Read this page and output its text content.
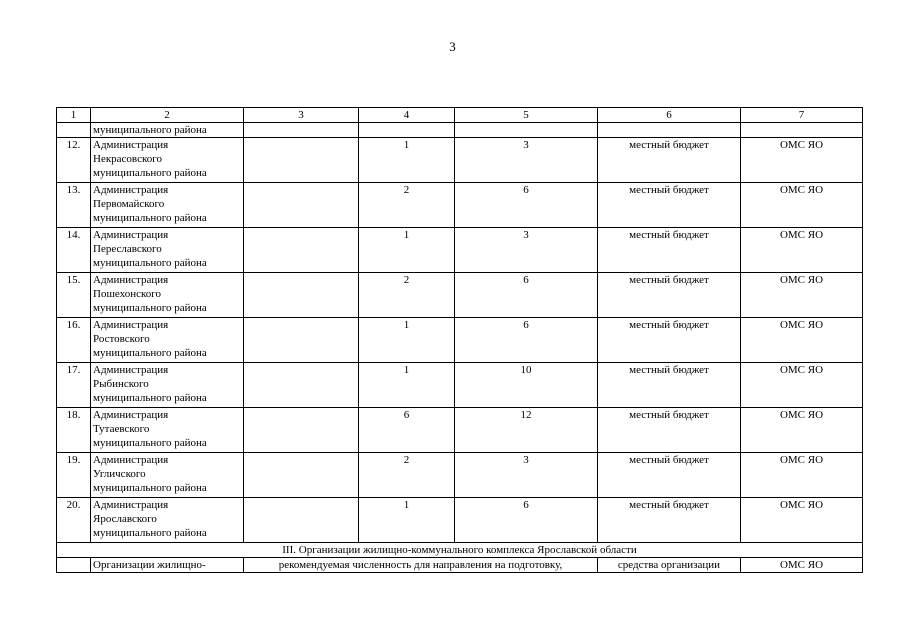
3
1	2	3	4	5	6	7

	муниципального района					

12.	Администрация
Некрасовского
муниципального района		1	3	местный бюджет	ОМС ЯО
13.	Администрация
Первомайского
муниципального района		2	6	местный бюджет	ОМС ЯО
14.	Администрация
Переславского
муниципального района		1	3	местный бюджет	ОМС ЯО
15.	Администрация
Пошехонского
муниципального района		2	6	местный бюджет	ОМС ЯО
16.	Администрация
Ростовского
муниципального района		1	6	местный бюджет	ОМС ЯО
17.	Администрация
Рыбинского
муниципального района		1	10	местный бюджет	ОМС ЯО
18.	Администрация
Тутаевского
муниципального района		6	12	местный бюджет	ОМС ЯО
19.	Администрация
Угличского
муниципального района		2	3	местный бюджет	ОМС ЯО
20.	Администрация
Ярославского
муниципального района		1	6	местный бюджет	ОМС ЯО
III. Организации жилищно-коммунального комплекса Ярославской области						
	Организации жилищно-	рекомендуемая численность для направления на подготовку,			средства организации	ОМС ЯО
